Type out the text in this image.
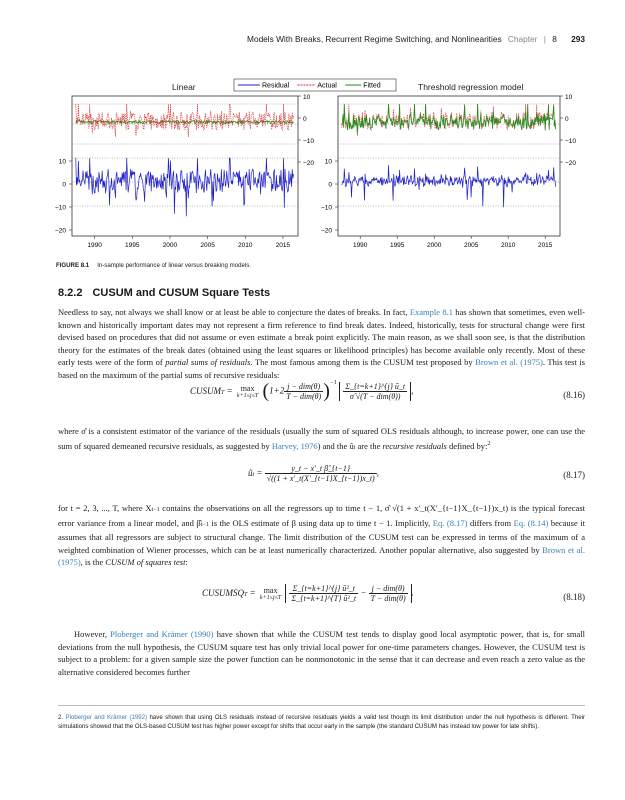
Models With Breaks, Recurrent Regime Switching, and Nonlinearities Chapter | 8 293
Linear
10
0
−10
−20
10
0
−10
−20
1990	1995	2000	2005	2010	2015
Threshold regression model
10
0
−10
−20
10
0
−10
−20
1990	1995	2000	2005	2010	2015
Residual	Actual	Fitted
FIGURE 8.1 In-sample performance of linear versus breaking models.
8.2.2 CUSUM and CUSUM Square Tests

Needless to say, not always we shall know or at least be able to conjecture the dates of breaks. In fact, Example 8.1 has shown that sometimes, even well-known and historically important dates may not represent a firm reference to find break dates. Indeed, historically, tests for structural change were first devised based on procedures that did not assume or even estimate a break point explicitly. The main reason, as we shall soon see, is that the distribution theory for the estimates of the break dates (obtained using the least squares or likelihood principles) has become available only recently. Most of these early tests were of the form of partial sums of residuals. The most famous among them is the CUSUM test proposed by Brown et al. (1975). This test is based on the maximum of the partial sums of recursive residuals:

CUSUMT = max
k+1≤j≤T $(1+2 \frac{\text{j − dim(θ)}}{\text{T − dim(θ)}} )^{-1} \frac{\Sigma\_\{t=k+1\}\^{}\{j\} ũ\_t}{\text{σ̂ √(T − dim(θ))}}$ ,	(8.16)

where σ̂ is a consistent estimator of the variance of the residuals (usually the sum of squared OLS residuals although, to increase power, one can use the sum of squared demeaned recursive residuals, as suggested by Harvey, 1976) and the ũt are the recursive residuals defined by:$^2$

ũt = $\frac{\text{y\_t − x′\_t β̂\_\{t−1\}}}{√((1 + x'\_t(X'\_\{t-1\}X\_\{t-1\})x\_t)}$ ,	(8.17)

for t = 2, 3, ..., T, where Xt−1 contains the observations on all the regressors up to time t − 1, σ̂ √(1 + x′_t(X′_{t−1}X_{t−1})x_t) is the typical forecast error variance from a linear model, and β̂t−1 is the OLS estimate of β using data up to time t − 1. Implicitly, Eq. (8.17) differs from Eq. (8.14) because it assumes that all regressors are subject to structural change. The limit distribution of the CUSUM test can be expressed in terms of the maximum of a weighted combination of Wiener processes, which can be at least numerically characterized. Another popular alternative, also suggested by Brown et al. (1975), is the CUSUM of squares test:

CUSUMSQT = max
k+1≤j≤T
$\frac{\text{Σ\_\{t=k+1\}\textasciicircum{}\{j\} ũ²\_t}}{\text{Σ\_\{t=k+1\}\textasciicircum{}\{T\} ũ²\_t}} - \frac{\text{j − dim(θ)}}{\text{T − dim(θ)}}$ .	(8.18)

However, Ploberger and Krämer (1990) have shown that while the CUSUM test tends to display good local asymptotic power, that is, for small deviations from the null hypothesis, the CUSUM square test has only trivial local power for one-time parameters changes. However, the CUSUM test is subject to a problem: for a given sample size the power function can be nonmonotonic in the sense that it can decrease and even reach a zero value as the alternative considered becomes further

2. Ploberger and Krämer (1992) have shown that using OLS residuals instead of recursive residuals yields a valid test though its limit distribution under the null hypothesis is different. Their simulations showed that the OLS-based CUSUM test has higher power except for shifts that occur early in the sample (the standard CUSUM has instead low power for late shifts).
